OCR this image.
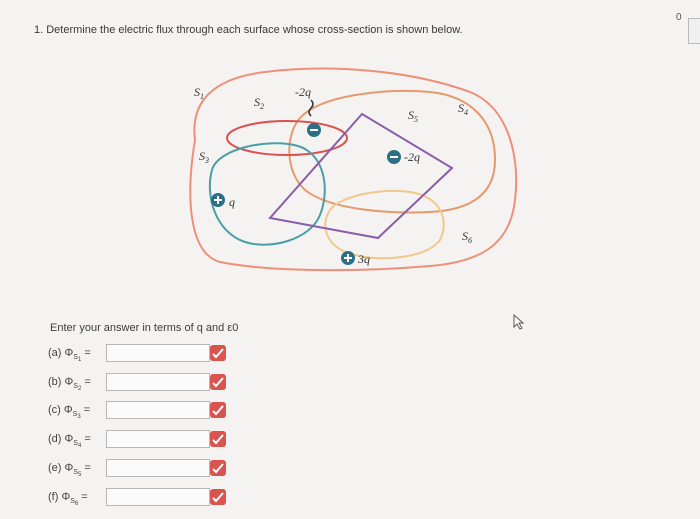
1. Determine the electric flux through each surface whose cross-section is shown below.
0
$S_1$	$S_2$
$S_3$
$S_4$
$S_5$
$S_6$
-2q
-2q
q
3q
Enter your answer in terms of q and ε0
(a) $\Phi_{S1}$ =
(b) $\Phi_{S2}$ =
(c) $\Phi_{S3}$ =
(d) $\Phi_{S4}$ =
(e) $\Phi_{S5}$ =
(f) $\Phi_{S6}$ =
